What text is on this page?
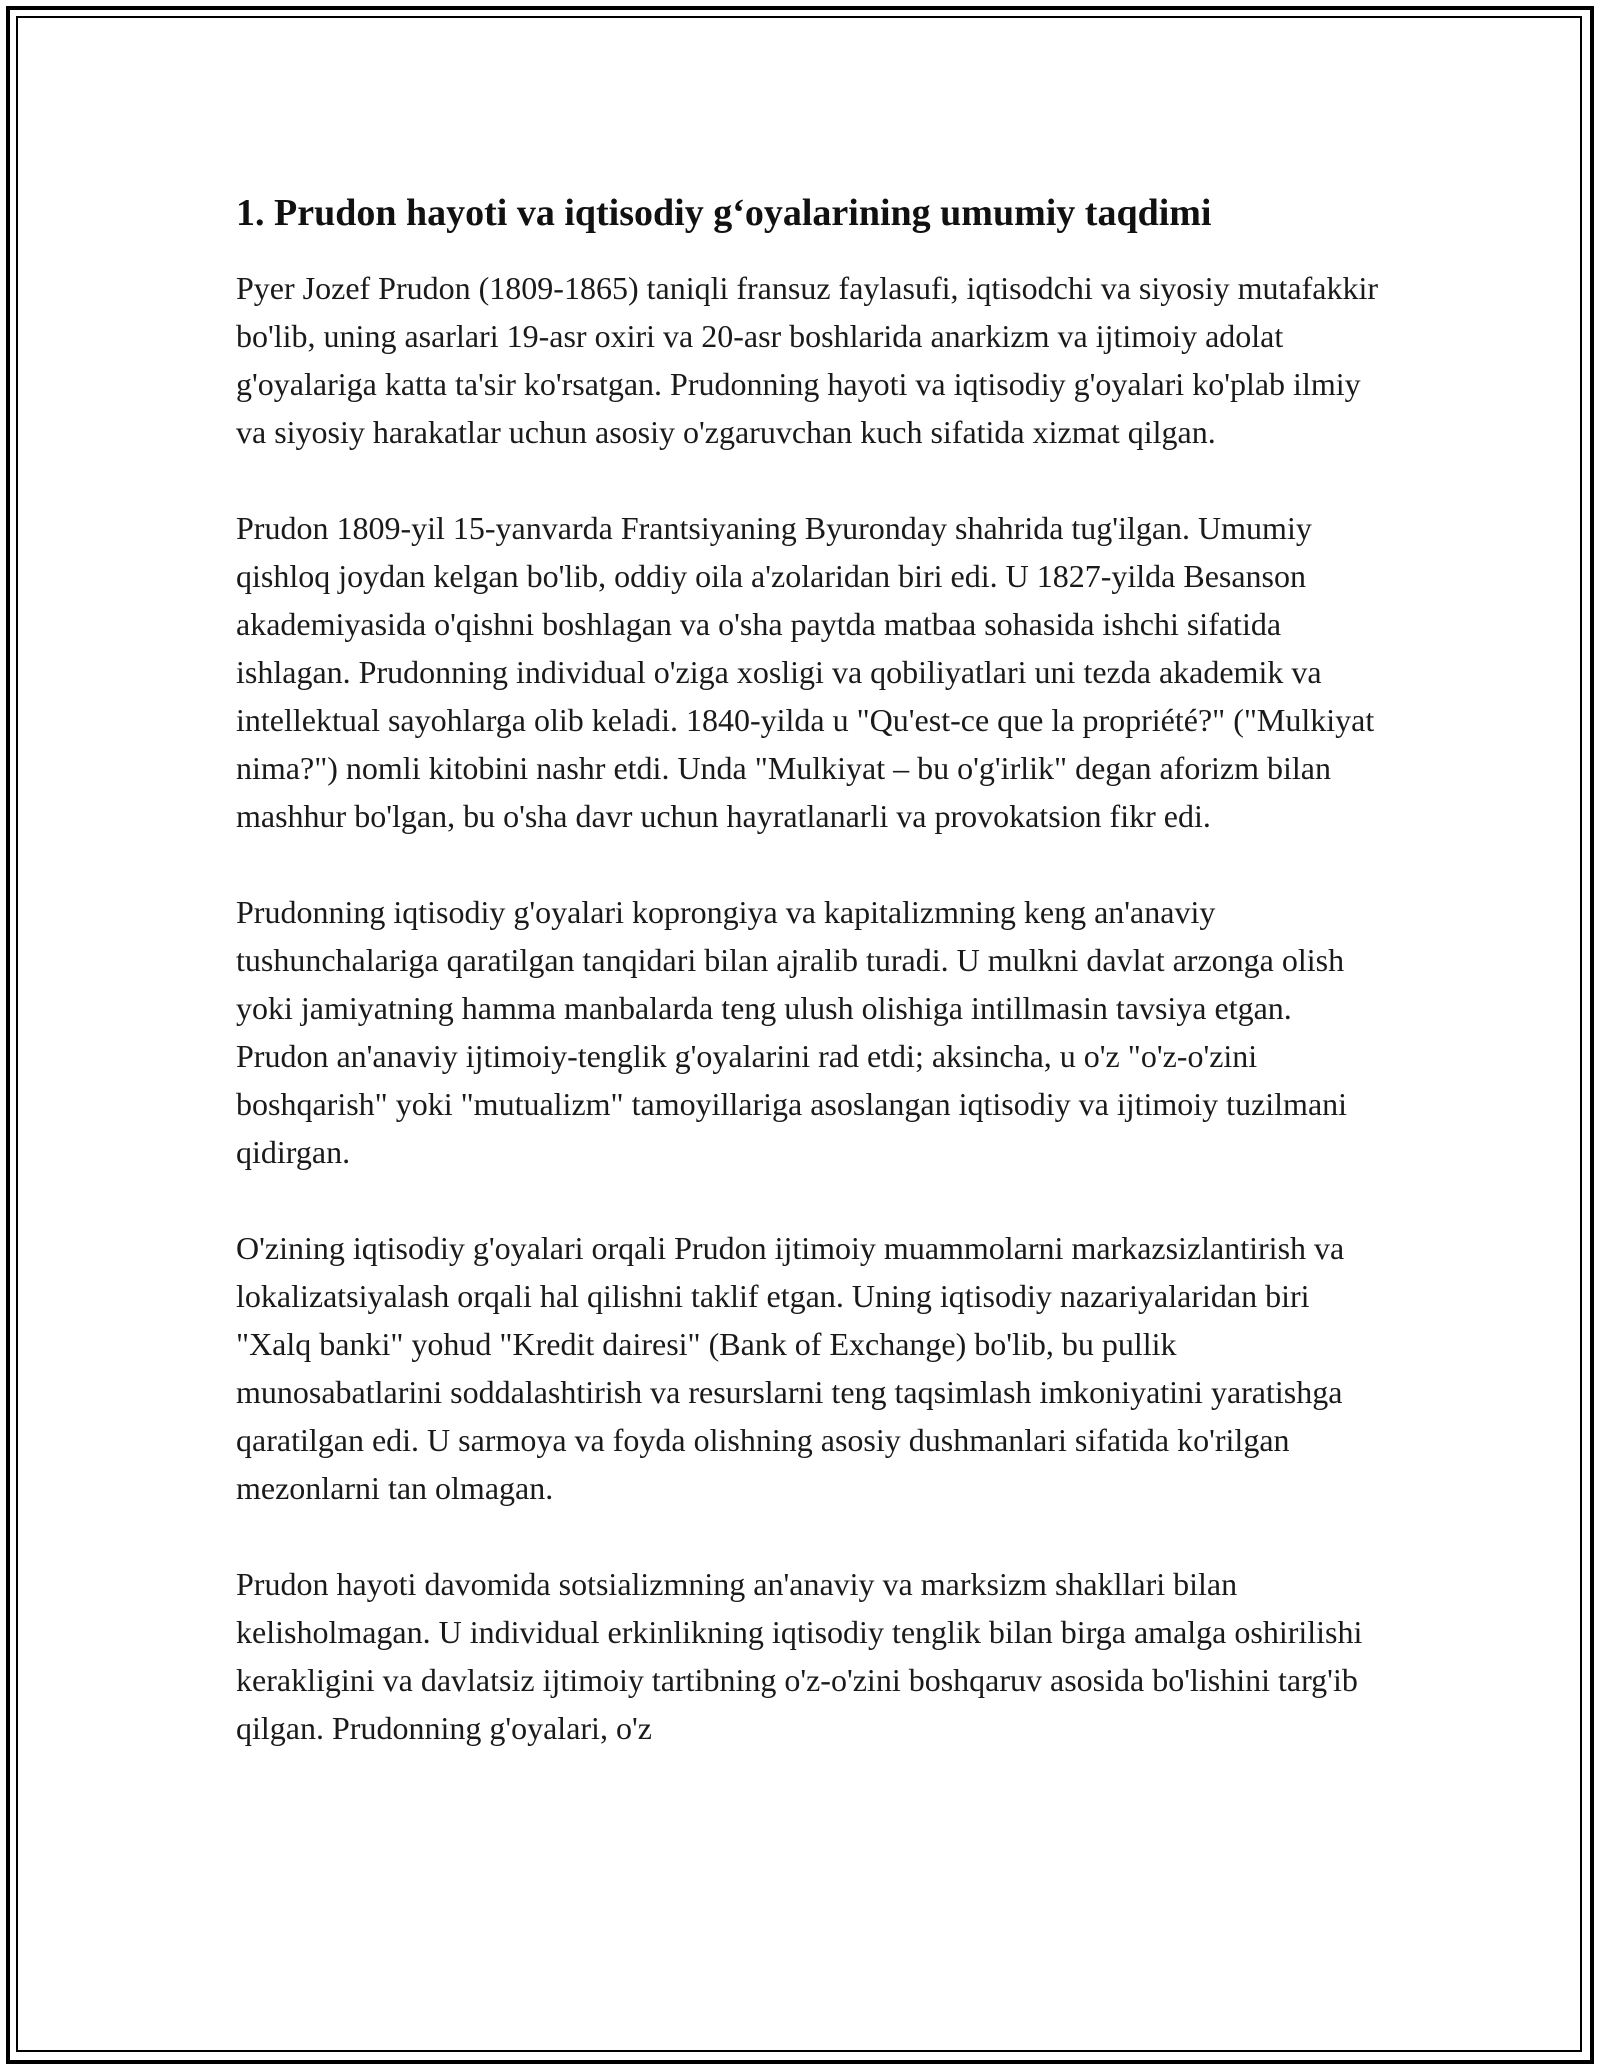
1. Prudon hayoti va iqtisodiy gʻoyalarining umumiy taqdimi

Pyer Jozef Prudon (1809-1865) taniqli fransuz faylasufi, iqtisodchi va siyosiy mutafakkir bo'lib, uning asarlari 19-asr oxiri va 20-asr boshlarida anarkizm va ijtimoiy adolat g'oyalariga katta ta'sir ko'rsatgan. Prudonning hayoti va iqtisodiy g'oyalari ko'plab ilmiy va siyosiy harakatlar uchun asosiy o'zgaruvchan kuch sifatida xizmat qilgan.

Prudon 1809-yil 15-yanvarda Frantsiyaning Byuronday shahrida tug'ilgan. Umumiy qishloq joydan kelgan bo'lib, oddiy oila a'zolaridan biri edi. U 1827-yilda Besanson akademiyasida o'qishni boshlagan va o'sha paytda matbaa sohasida ishchi sifatida ishlagan. Prudonning individual o'ziga xosligi va qobiliyatlari uni tezda akademik va intellektual sayohlarga olib keladi. 1840-yilda u "Qu'est-ce que la propriété?" ("Mulkiyat nima?") nomli kitobini nashr etdi. Unda "Mulkiyat – bu o'g'irlik" degan aforizm bilan mashhur bo'lgan, bu o'sha davr uchun hayratlanarli va provokatsion fikr edi.

Prudonning iqtisodiy g'oyalari koprongiya va kapitalizmning keng an'anaviy tushunchalariga qaratilgan tanqidari bilan ajralib turadi. U mulkni davlat arzonga olish yoki jamiyatning hamma manbalarda teng ulush olishiga intillmasin tavsiya etgan. Prudon an'anaviy ijtimoiy-tenglik g'oyalarini rad etdi; aksincha, u o'z "o'z-o'zini boshqarish" yoki "mutualizm" tamoyillariga asoslangan iqtisodiy va ijtimoiy tuzilmani qidirgan.

O'zining iqtisodiy g'oyalari orqali Prudon ijtimoiy muammolarni markazsizlantirish va lokalizatsiyalash orqali hal qilishni taklif etgan. Uning iqtisodiy nazariyalaridan biri "Xalq banki" yohud "Kredit dairesi" (Bank of Exchange) bo'lib, bu pullik munosabatlarini soddalashtirish va resurslarni teng taqsimlash imkoniyatini yaratishga qaratilgan edi. U sarmoya va foyda olishning asosiy dushmanlari sifatida ko'rilgan mezonlarni tan olmagan.

Prudon hayoti davomida sotsializmning an'anaviy va marksizm shakllari bilan kelisholmagan. U individual erkinlikning iqtisodiy tenglik bilan birga amalga oshirilishi kerakligini va davlatsiz ijtimoiy tartibning o'z-o'zini boshqaruv asosida bo'lishini targ'ib qilgan. Prudonning g'oyalari, o'z
